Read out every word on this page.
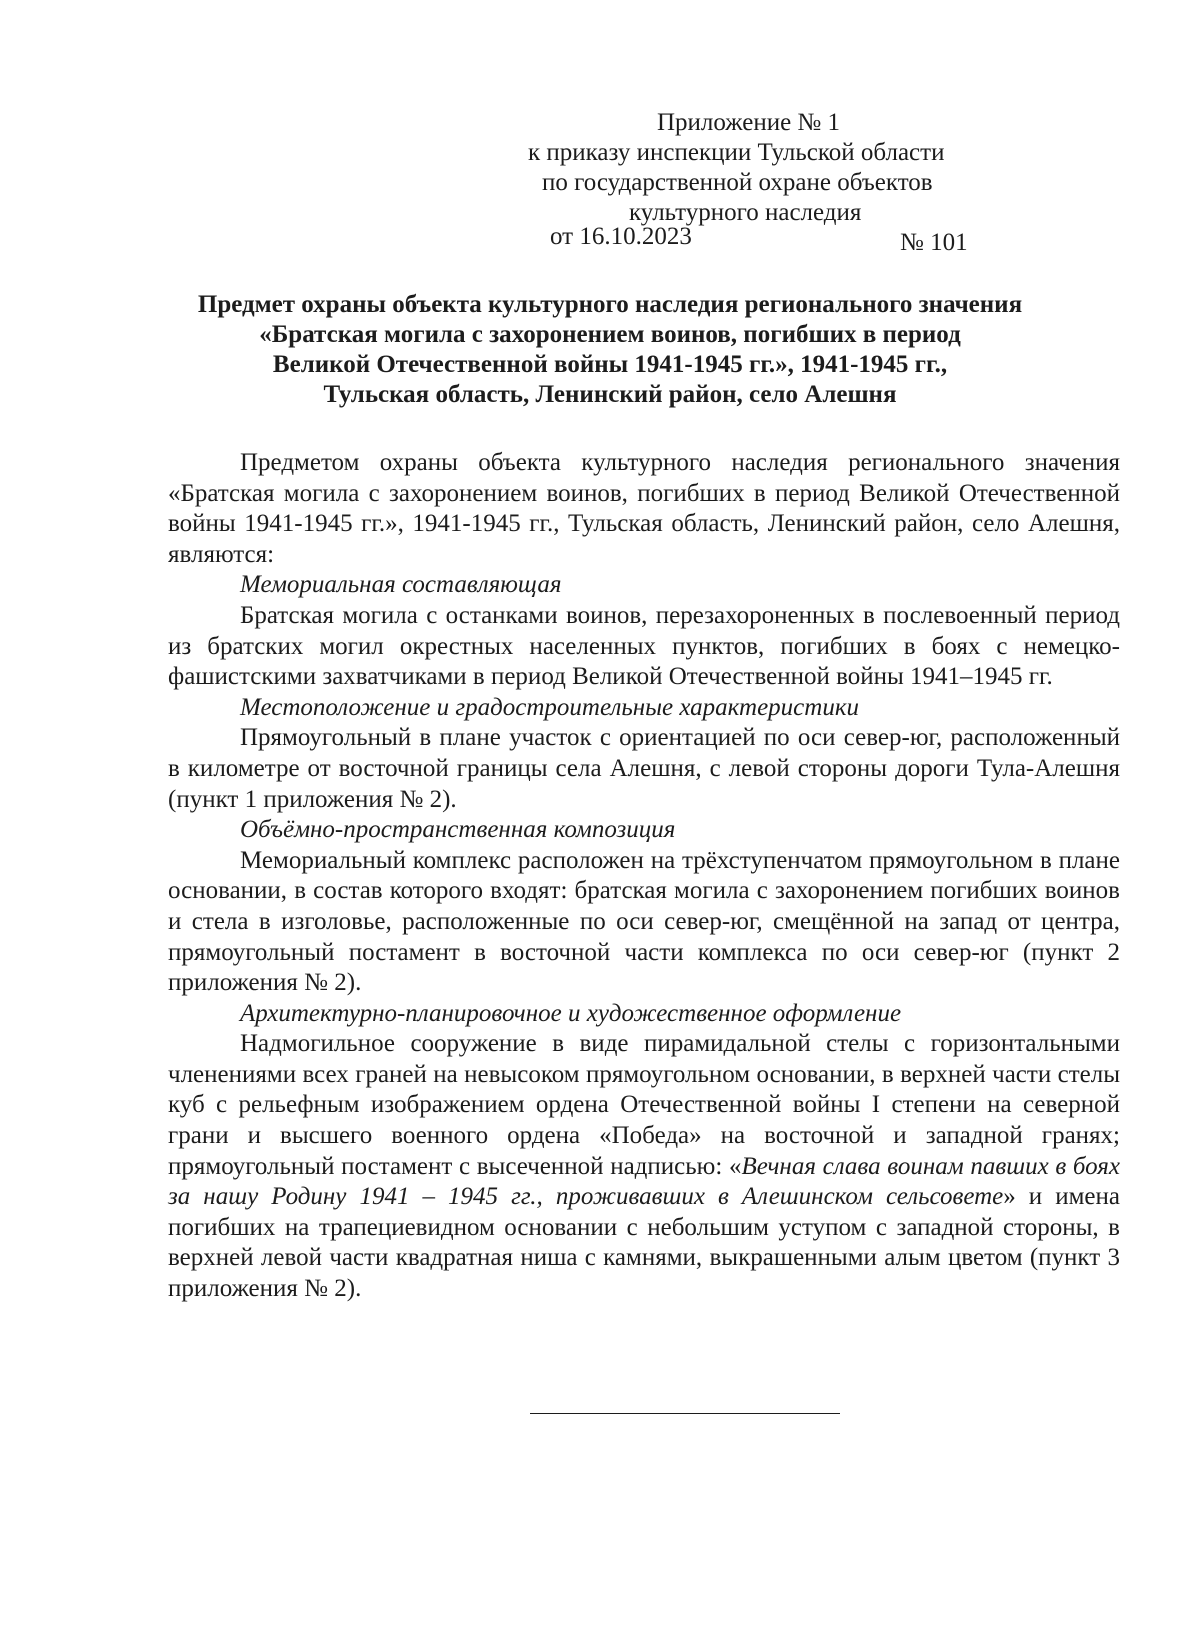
Приложение № 1
к приказу инспекции Тульской области
по государственной охране объектов
культурного наследия
от 16.10.2023	№ 101
Предмет охраны объекта культурного наследия регионального значения
«Братская могила с захоронением воинов, погибших в период
Великой Отечественной войны 1941-1945 гг.», 1941-1945 гг.,
Тульская область, Ленинский район, село Алешня

Предметом охраны объекта культурного наследия регионального значения «Братская могила с захоронением воинов, погибших в период Великой Отечественной войны 1941-1945 гг.», 1941-1945 гг., Тульская область, Ленинский район, село Алешня, являются:

Мемориальная составляющая

Братская могила с останками воинов, перезахороненных в послевоенный период из братских могил окрестных населенных пунктов, погибших в боях с немецко-фашистскими захватчиками в период Великой Отечественной войны 1941–1945 гг.

Местоположение и градостроительные характеристики

Прямоугольный в плане участок с ориентацией по оси север-юг, расположенный в километре от восточной границы села Алешня, с левой стороны дороги Тула-Алешня (пункт 1 приложения № 2).

Объёмно-пространственная композиция

Мемориальный комплекс расположен на трёхступенчатом прямоугольном в плане основании, в состав которого входят: братская могила с захоронением погибших воинов и стела в изголовье, расположенные по оси север-юг, смещённой на запад от центра, прямоугольный постамент в восточной части комплекса по оси север-юг (пункт 2 приложения № 2).

Архитектурно-планировочное и художественное оформление

Надмогильное сооружение в виде пирамидальной стелы с горизонтальными членениями всех граней на невысоком прямоугольном основании, в верхней части стелы куб с рельефным изображением ордена Отечественной войны I степени на северной грани и высшего военного ордена «Победа» на восточной и западной гранях; прямоугольный постамент с высеченной надписью: «Вечная слава воинам павших в боях за нашу Родину 1941 – 1945 гг., проживавших в Алешинском сельсовете» и имена погибших на трапециевидном основании с небольшим уступом с западной стороны, в верхней левой части квадратная ниша с камнями, выкрашенными алым цветом (пункт 3 приложения № 2).
